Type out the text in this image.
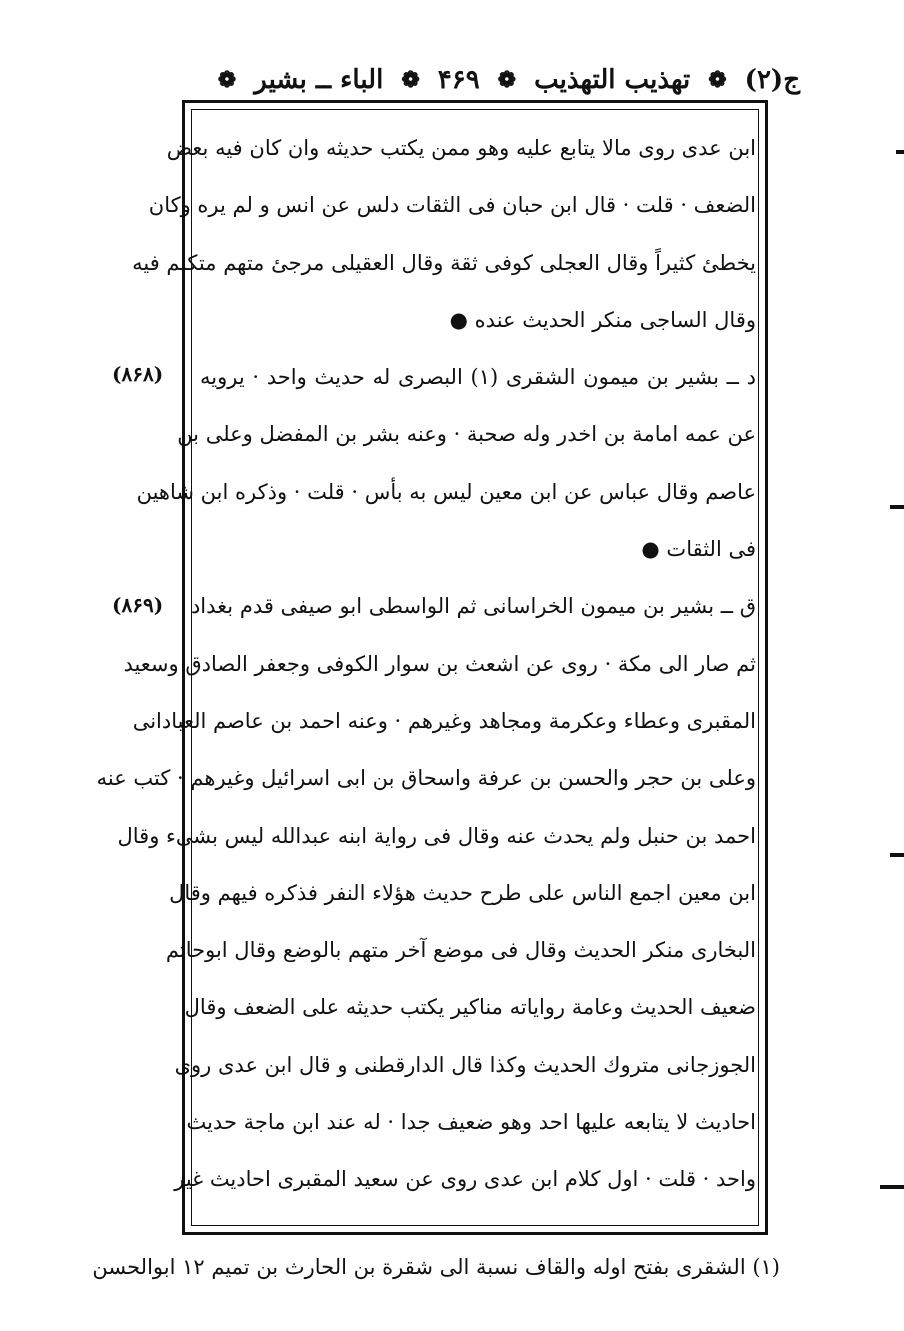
ج(۲)
❁
تهذيب التهذيب
❁
۴۶۹
❁
الباء ــ بشير
❁
ابن عدی روی مالا يتابع عليه وهو ممن يكتب حديثه وان كان فيه بعض
الضعف · قلت · قال ابن حبان فی الثقات دلس عن انس و لم يره وكان
يخطئ كثيراً وقال العجلی كوفی ثقة وقال العقيلی مرجئ متهم متكلم فيه
وقال الساجی منكر الحديث عنده ●
د ــ بشير بن ميمون الشقری (۱) البصری له حديث واحد · يرويه
عن عمه امامة بن اخدر وله صحبة · وعنه بشر بن المفضل وعلی بن
عاصم وقال عباس عن ابن معين ليس به بأس · قلت · وذكره ابن شاهين
فی الثقات ●
ق ــ بشير بن ميمون الخراسانی ثم الواسطی ابو صيفی قدم بغداد
ثم صار الی مكة · روی عن اشعث بن سوار الكوفی وجعفر الصادق وسعيد
المقبری وعطاء وعكرمة ومجاهد وغيرهم · وعنه احمد بن عاصم العبادانی
وعلی بن حجر والحسن بن عرفة واسحاق بن ابی اسرائيل وغيرهم · كتب عنه
احمد بن حنبل ولم يحدث عنه وقال فی رواية ابنه عبدالله ليس بشیء وقال
ابن معين اجمع الناس علی طرح حديث هؤلاء النفر فذكره فيهم وقال
البخاری منكر الحديث وقال فی موضع آخر متهم بالوضع وقال ابوحاتم
ضعيف الحديث وعامة رواياته مناكير يكتب حديثه علی الضعف وقال
الجوزجانی متروك الحديث وكذا قال الدارقطنی و قال ابن عدی روی
احاديث لا يتابعه عليها احد وهو ضعيف جدا · له عند ابن ماجة حديث
واحد · قلت · اول كلام ابن عدی روی عن سعيد المقبری احاديث غير
(۸۶۸)
(۸۶۹)
(۱) الشقری بفتح اوله والقاف نسبة الی شقرة بن الحارث بن تميم ۱۲ ابوالحسن
